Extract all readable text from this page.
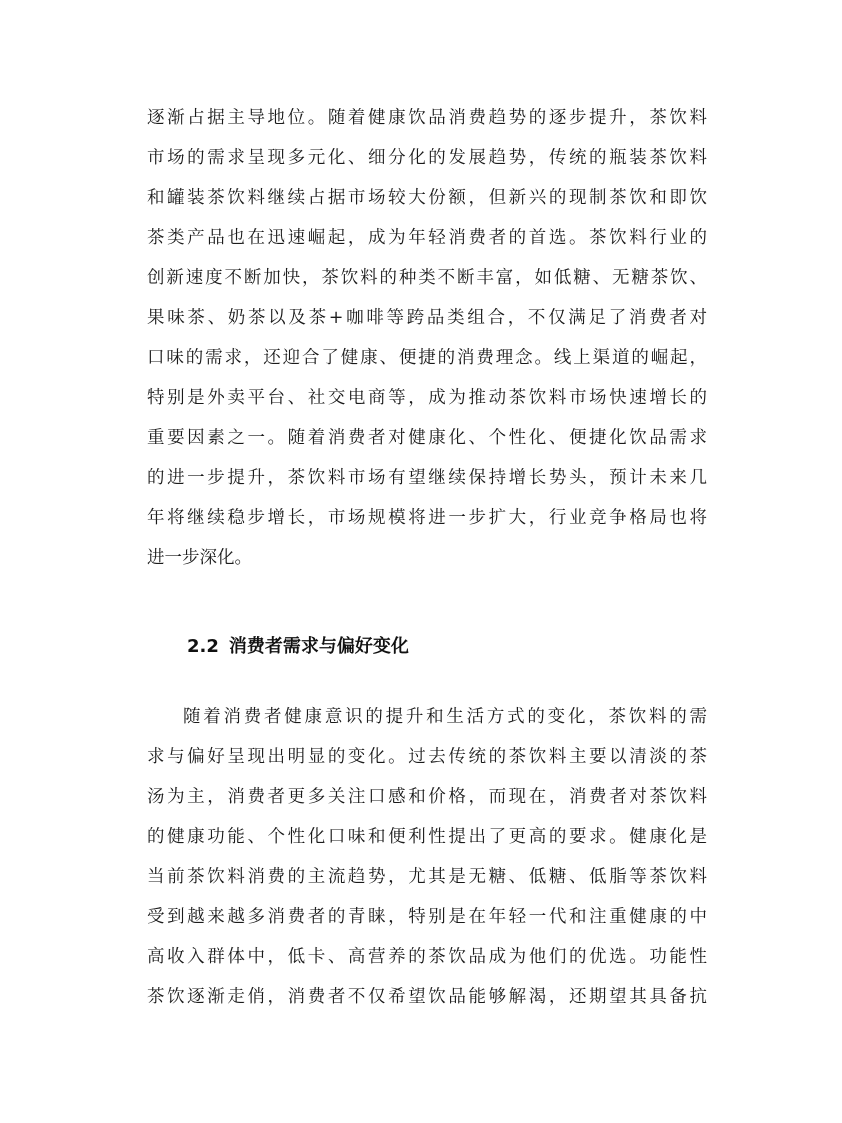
逐渐占据主导地位。随着健康饮品消费趋势的逐步提升，茶饮料
市场的需求呈现多元化、细分化的发展趋势，传统的瓶装茶饮料
和罐装茶饮料继续占据市场较大份额，但新兴的现制茶饮和即饮
茶类产品也在迅速崛起，成为年轻消费者的首选。茶饮料行业的
创新速度不断加快，茶饮料的种类不断丰富，如低糖、无糖茶饮、
果味茶、奶茶以及茶+咖啡等跨品类组合，不仅满足了消费者对
口味的需求，还迎合了健康、便捷的消费理念。线上渠道的崛起，
特别是外卖平台、社交电商等，成为推动茶饮料市场快速增长的
重要因素之一。随着消费者对健康化、个性化、便捷化饮品需求
的进一步提升，茶饮料市场有望继续保持增长势头，预计未来几
年将继续稳步增长，市场规模将进一步扩大，行业竞争格局也将
进一步深化。
2.2 消费者需求与偏好变化
随着消费者健康意识的提升和生活方式的变化，茶饮料的需
求与偏好呈现出明显的变化。过去传统的茶饮料主要以清淡的茶
汤为主，消费者更多关注口感和价格，而现在，消费者对茶饮料
的健康功能、个性化口味和便利性提出了更高的要求。健康化是
当前茶饮料消费的主流趋势，尤其是无糖、低糖、低脂等茶饮料
受到越来越多消费者的青睐，特别是在年轻一代和注重健康的中
高收入群体中，低卡、高营养的茶饮品成为他们的优选。功能性
茶饮逐渐走俏，消费者不仅希望饮品能够解渴，还期望其具备抗
